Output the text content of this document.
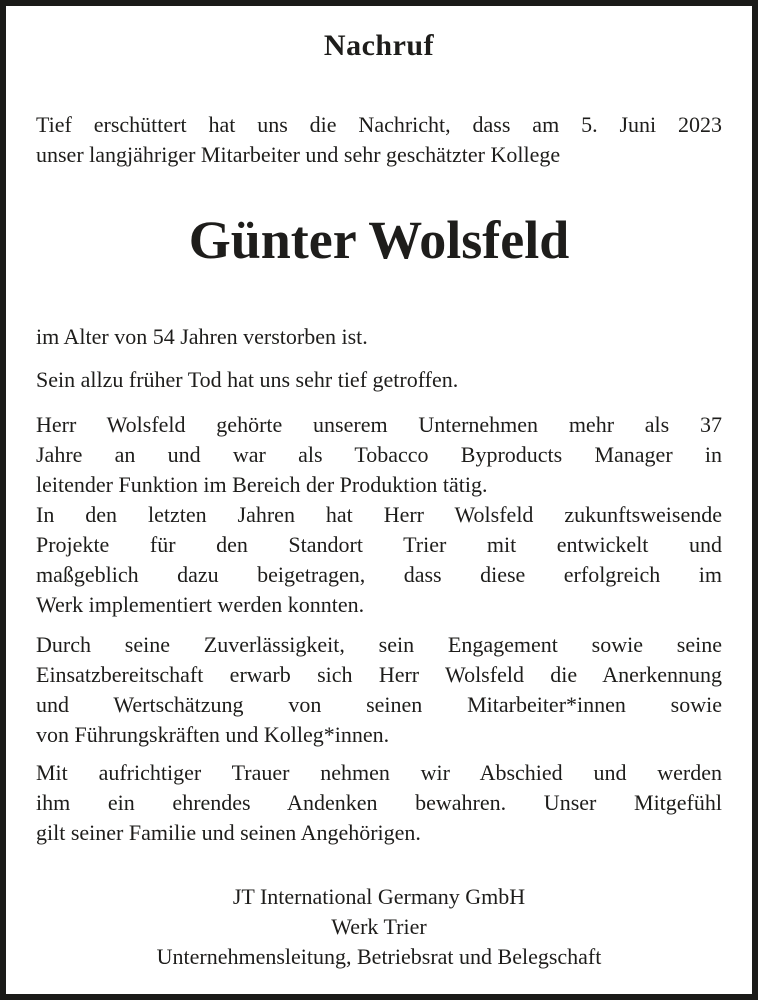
Nachruf
Tief erschüttert hat uns die Nachricht, dass am 5. Juni 2023
unser langjähriger Mitarbeiter und sehr geschätzter Kollege
Günter Wolsfeld
im Alter von 54 Jahren verstorben ist.
Sein allzu früher Tod hat uns sehr tief getroffen.
Herr Wolsfeld gehörte unserem Unternehmen mehr als 37
Jahre an und war als Tobacco Byproducts Manager in
leitender Funktion im Bereich der Produktion tätig.
In den letzten Jahren hat Herr Wolsfeld zukunftsweisende
Projekte für den Standort Trier mit entwickelt und
maßgeblich dazu beigetragen, dass diese erfolgreich im
Werk implementiert werden konnten.
Durch seine Zuverlässigkeit, sein Engagement sowie seine
Einsatzbereitschaft erwarb sich Herr Wolsfeld die Anerkennung
und Wertschätzung von seinen Mitarbeiter*innen sowie
von Führungskräften und Kolleg*innen.
Mit aufrichtiger Trauer nehmen wir Abschied und werden
ihm ein ehrendes Andenken bewahren. Unser Mitgefühl
gilt seiner Familie und seinen Angehörigen.
JT International Germany GmbH
Werk Trier
Unternehmensleitung, Betriebsrat und Belegschaft
